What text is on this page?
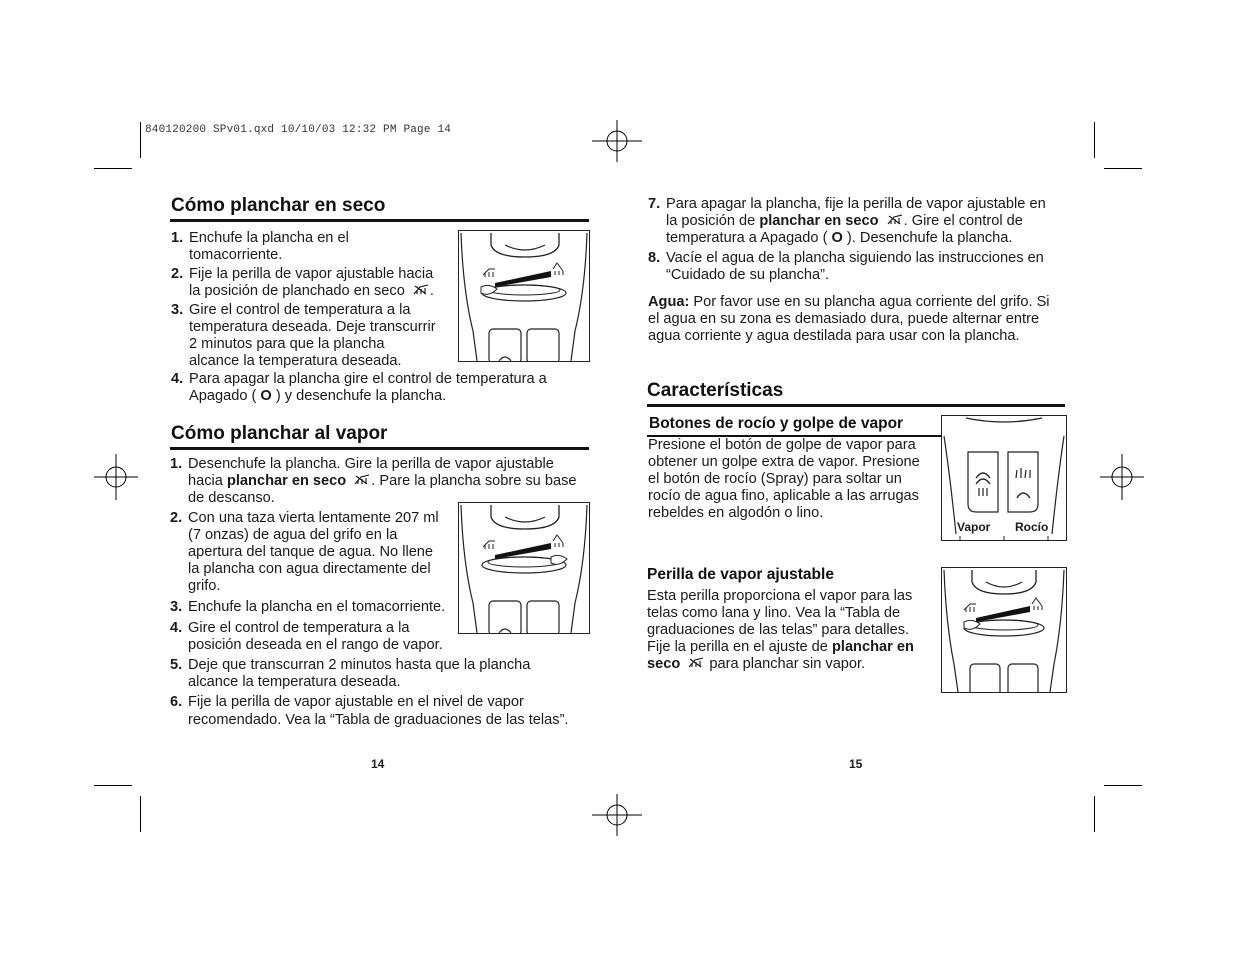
840120200 SPv01.qxd 10/10/03 12:32 PM Page 14
Cómo planchar en seco
1. Enchufe la plancha en el
tomacorriente.
2. Fije la perilla de vapor ajustable hacia
la posición de planchado en seco .
3. Gire el control de temperatura a la
temperatura deseada. Deje transcurrir
2 minutos para que la plancha
alcance la temperatura deseada.
4. Para apagar la plancha gire el control de temperatura a
Apagado ( O ) y desenchufe la plancha.
Cómo planchar al vapor
1. Desenchufe la plancha. Gire la perilla de vapor ajustable
hacia planchar en seco . Pare la plancha sobre su base
de descanso.
2. Con una taza vierta lentamente 207 ml
(7 onzas) de agua del grifo en la
apertura del tanque de agua. No llene
la plancha con agua directamente del
grifo.
3. Enchufe la plancha en el tomacorriente.
4. Gire el control de temperatura a la
posición deseada en el rango de vapor.
5. Deje que transcurran 2 minutos hasta que la plancha
alcance la temperatura deseada.
6. Fije la perilla de vapor ajustable en el nivel de vapor
recomendado. Vea la “Tabla de graduaciones de las telas”.
14
7. Para apagar la plancha, fije la perilla de vapor ajustable en
la posición de planchar en seco . Gire el control de
temperatura a Apagado ( O ). Desenchufe la plancha.
8. Vacíe el agua de la plancha siguiendo las instrucciones en
“Cuidado de su plancha”.
Agua: Por favor use en su plancha agua corriente del grifo. Si
el agua en su zona es demasiado dura, puede alternar entre
agua corriente y agua destilada para usar con la plancha.
Características
Botones de rocío y golpe de vapor
Presione el botón de golpe de vapor para
obtener un golpe extra de vapor. Presione
el botón de rocío (Spray) para soltar un
rocío de agua fino, aplicable a las arrugas
rebeldes en algodón o lino.
Vapor Rocío
Perilla de vapor ajustable
Esta perilla proporciona el vapor para las
telas como lana y lino. Vea la “Tabla de
graduaciones de las telas” para detalles.
Fije la perilla en el ajuste de planchar en
seco  para planchar sin vapor.
15
